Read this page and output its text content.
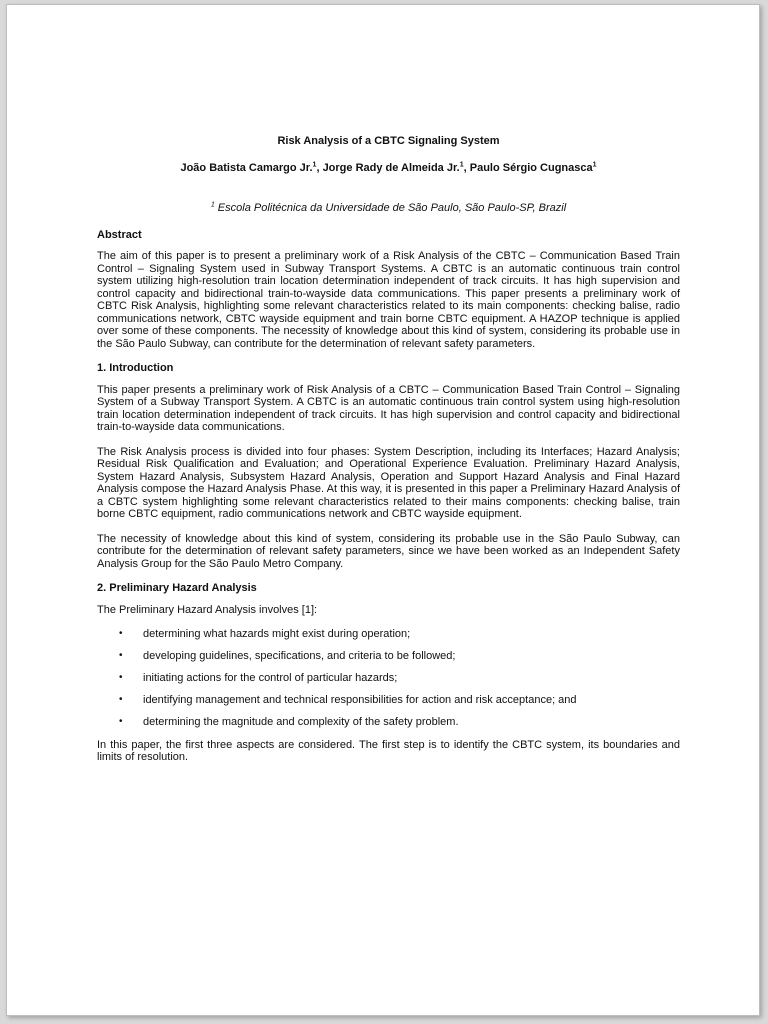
Risk Analysis of a CBTC Signaling System
João Batista Camargo Jr.$^1$, Jorge Rady de Almeida Jr.$^1$, Paulo Sérgio Cugnasca$^1$
$^1$ Escola Politécnica da Universidade de São Paulo, São Paulo-SP, Brazil
Abstract

The aim of this paper is to present a preliminary work of a Risk Analysis of the CBTC – Communication Based Train Control – Signaling System used in Subway Transport Systems. A CBTC is an automatic continuous train control system utilizing high-resolution train location determination independent of track circuits. It has high supervision and control capacity and bidirectional train-to-wayside data communications. This paper presents a preliminary work of CBTC Risk Analysis, highlighting some relevant characteristics related to its main components: checking balise, radio communications network, CBTC wayside equipment and train borne CBTC equipment. A HAZOP technique is applied over some of these components. The necessity of knowledge about this kind of system, considering its probable use in the São Paulo Subway, can contribute for the determination of relevant safety parameters.

1. Introduction

This paper presents a preliminary work of Risk Analysis of a CBTC – Communication Based Train Control – Signaling System of a Subway Transport System. A CBTC is an automatic continuous train control system using high-resolution train location determination independent of track circuits. It has high supervision and control capacity and bidirectional train-to-wayside data communications.

The Risk Analysis process is divided into four phases: System Description, including its Interfaces; Hazard Analysis; Residual Risk Qualification and Evaluation; and Operational Experience Evaluation. Preliminary Hazard Analysis, System Hazard Analysis, Subsystem Hazard Analysis, Operation and Support Hazard Analysis and Final Hazard Analysis compose the Hazard Analysis Phase. At this way, it is presented in this paper a Preliminary Hazard Analysis of a CBTC system highlighting some relevant characteristics related to their mains components: checking balise, train borne CBTC equipment, radio communications network and CBTC wayside equipment.

The necessity of knowledge about this kind of system, considering its probable use in the São Paulo Subway, can contribute for the determination of relevant safety parameters, since we have been worked as an Independent Safety Analysis Group for the São Paulo Metro Company.

2. Preliminary Hazard Analysis

The Preliminary Hazard Analysis involves [1]:

• determining what hazards might exist during operation;
• developing guidelines, specifications, and criteria to be followed;
• initiating actions for the control of particular hazards;
• identifying management and technical responsibilities for action and risk acceptance; and
• determining the magnitude and complexity of the safety problem.

In this paper, the first three aspects are considered. The first step is to identify the CBTC system, its boundaries and limits of resolution.
